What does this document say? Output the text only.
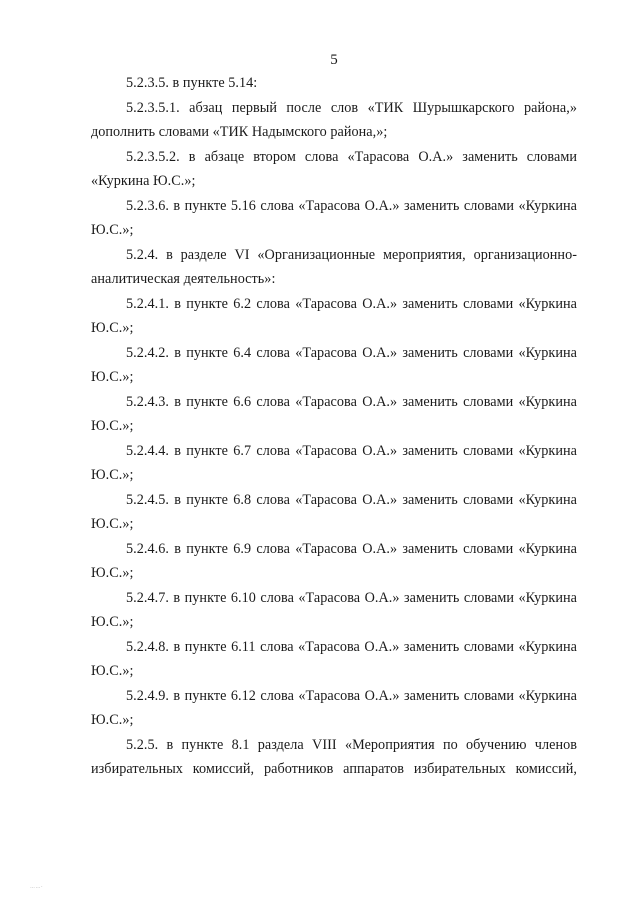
5

5.2.3.5. в пункте 5.14:

5.2.3.5.1. абзац первый после слов «ТИК Шурышкарского района,» дополнить словами «ТИК Надымского района,»;

5.2.3.5.2. в абзаце втором слова «Тарасова О.А.» заменить словами «Куркина Ю.С.»;

5.2.3.6. в пункте 5.16 слова «Тарасова О.А.» заменить словами «Куркина Ю.С.»;

5.2.4. в разделе VI «Организационные мероприятия, организационно-аналитическая деятельность»:

5.2.4.1. в пункте 6.2 слова «Тарасова О.А.» заменить словами «Куркина Ю.С.»;

5.2.4.2. в пункте 6.4 слова «Тарасова О.А.» заменить словами «Куркина Ю.С.»;

5.2.4.3. в пункте 6.6 слова «Тарасова О.А.» заменить словами «Куркина Ю.С.»;

5.2.4.4. в пункте 6.7 слова «Тарасова О.А.» заменить словами «Куркина Ю.С.»;

5.2.4.5. в пункте 6.8 слова «Тарасова О.А.» заменить словами «Куркина Ю.С.»;

5.2.4.6. в пункте 6.9 слова «Тарасова О.А.» заменить словами «Куркина Ю.С.»;

5.2.4.7. в пункте 6.10 слова «Тарасова О.А.» заменить словами «Куркина Ю.С.»;

5.2.4.8. в пункте 6.11 слова «Тарасова О.А.» заменить словами «Куркина Ю.С.»;

5.2.4.9. в пункте 6.12 слова «Тарасова О.А.» заменить словами «Куркина Ю.С.»;

5.2.5. в пункте 8.1 раздела VIII «Мероприятия по обучению членов избирательных комиссий, работников аппаратов избирательных комиссий,

……·
